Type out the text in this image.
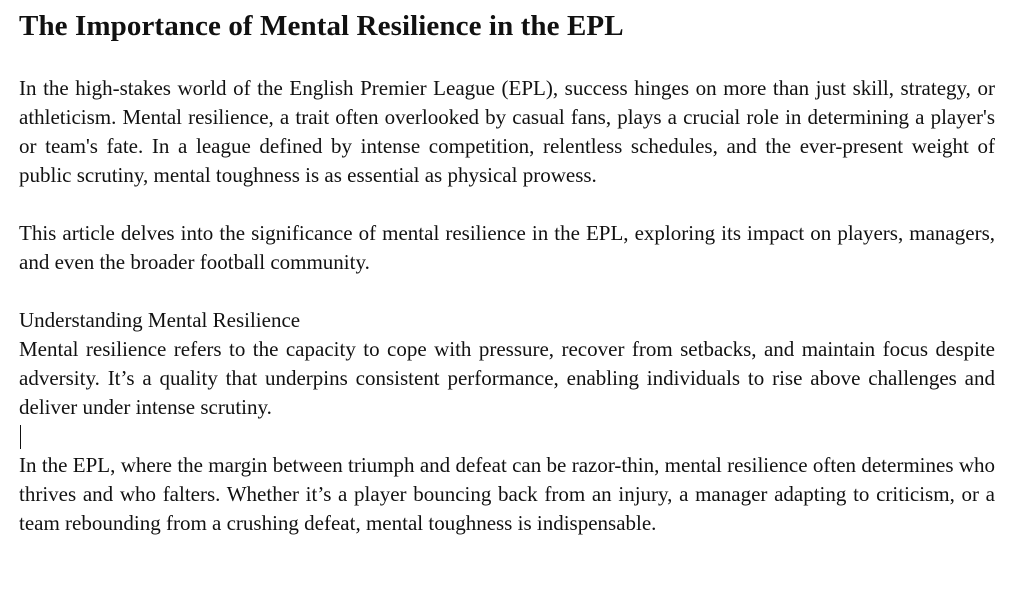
The Importance of Mental Resilience in the EPL

In the high-stakes world of the English Premier League (EPL), success hinges on more than just skill, strategy, or athleticism. Mental resilience, a trait often overlooked by casual fans, plays a crucial role in determining a player's or team's fate. In a league defined by intense competition, relentless schedules, and the ever-present weight of public scrutiny, mental toughness is as essential as physical prowess.

This article delves into the significance of mental resilience in the EPL, exploring its impact on players, managers, and even the broader football community.

Understanding Mental Resilience

Mental resilience refers to the capacity to cope with pressure, recover from setbacks, and maintain focus despite adversity. It’s a quality that underpins consistent performance, enabling individuals to rise above challenges and deliver under intense scrutiny.

In the EPL, where the margin between triumph and defeat can be razor-thin, mental resilience often determines who thrives and who falters. Whether it’s a player bouncing back from an injury, a manager adapting to criticism, or a team rebounding from a crushing defeat, mental toughness is indispensable.
